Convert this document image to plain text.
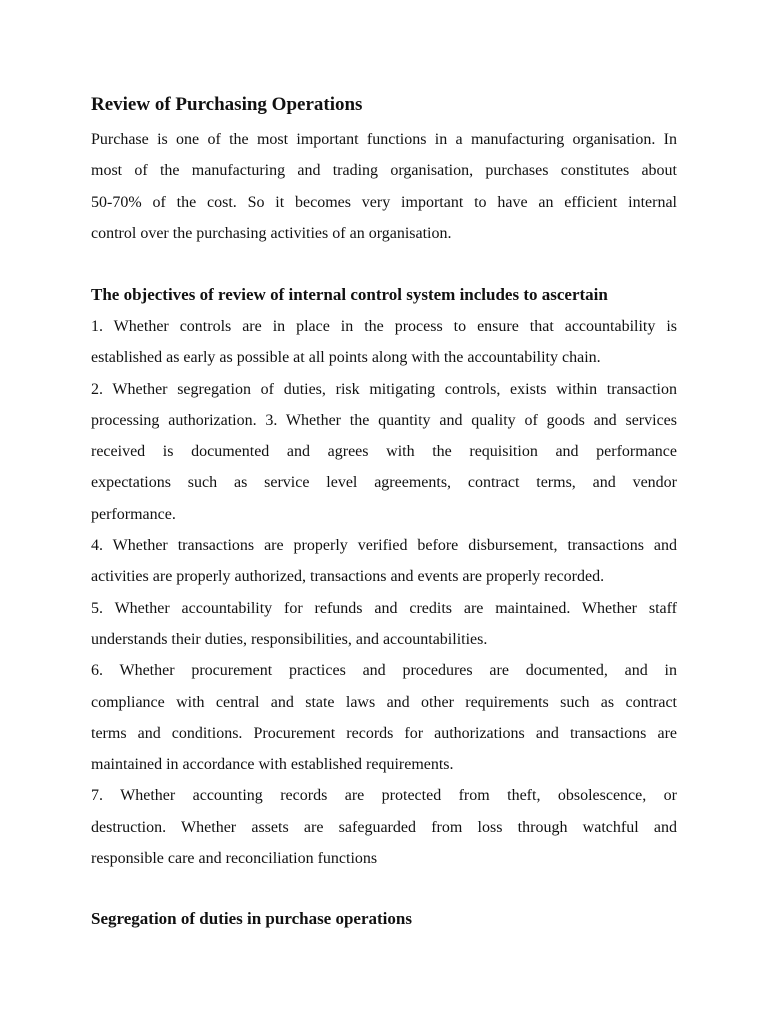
Review of Purchasing Operations
Purchase is one of the most important functions in a manufacturing organisation. In
most of the manufacturing and trading organisation, purchases constitutes about
50-70% of the cost. So it becomes very important to have an efficient internal
control over the purchasing activities of an organisation.
The objectives of review of internal control system includes to ascertain
1. Whether controls are in place in the process to ensure that accountability is
established as early as possible at all points along with the accountability chain.
2. Whether segregation of duties, risk mitigating controls, exists within transaction
processing authorization. 3. Whether the quantity and quality of goods and services
received is documented and agrees with the requisition and performance
expectations such as service level agreements, contract terms, and vendor
performance.
4. Whether transactions are properly verified before disbursement, transactions and
activities are properly authorized, transactions and events are properly recorded.
5. Whether accountability for refunds and credits are maintained. Whether staff
understands their duties, responsibilities, and accountabilities.
6. Whether procurement practices and procedures are documented, and in
compliance with central and state laws and other requirements such as contract
terms and conditions. Procurement records for authorizations and transactions are
maintained in accordance with established requirements.
7. Whether accounting records are protected from theft, obsolescence, or
destruction. Whether assets are safeguarded from loss through watchful and
responsible care and reconciliation functions
Segregation of duties in purchase operations
